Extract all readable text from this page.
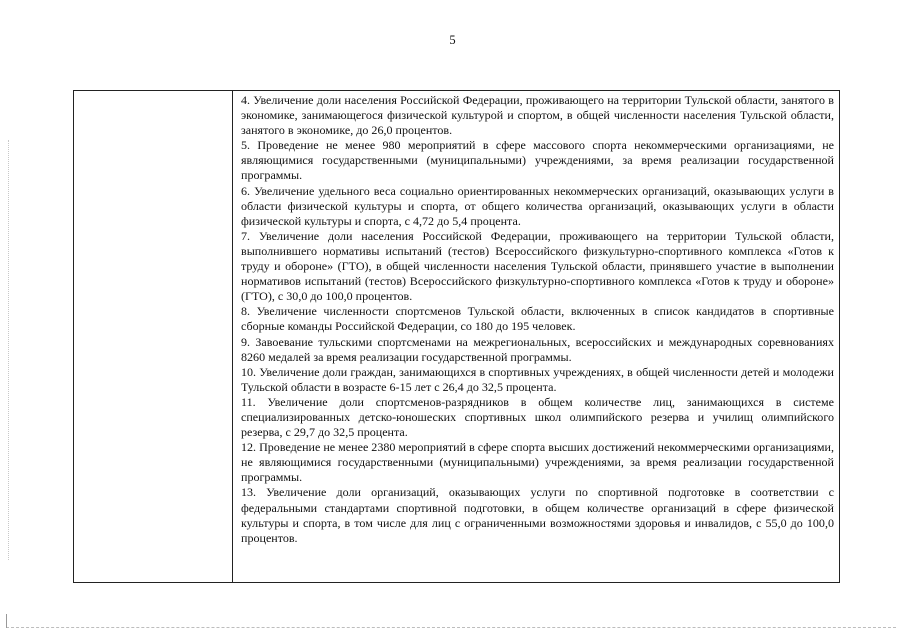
5

4. Увеличение доли населения Российской Федерации, проживающего на территории Тульской области, занятого в экономике, занимающегося физической культурой и спортом, в общей численности населения Тульской области, занятого в экономике, до 26,0 процентов.

5. Проведение не менее 980 мероприятий в сфере массового спорта некоммерческими организациями, не являющимися государственными (муниципальными) учреждениями, за время реализации государственной программы.

6. Увеличение удельного веса социально ориентированных некоммерческих организаций, оказывающих услуги в области физической культуры и спорта, от общего количества организаций, оказывающих услуги в области физической культуры и спорта, с 4,72 до 5,4 процента.

7. Увеличение доли населения Российской Федерации, проживающего на территории Тульской области, выполнившего нормативы испытаний (тестов) Всероссийского физкультурно-спортивного комплекса «Готов к труду и обороне» (ГТО), в общей численности населения Тульской области, принявшего участие в выполнении нормативов испытаний (тестов) Всероссийского физкультурно-спортивного комплекса «Готов к труду и обороне» (ГТО), с 30,0 до 100,0 процентов.

8. Увеличение численности спортсменов Тульской области, включенных в список кандидатов в спортивные сборные команды Российской Федерации, со 180 до 195 человек.

9. Завоевание тульскими спортсменами на межрегиональных, всероссийских и международных соревнованиях 8260 медалей за время реализации государственной программы.

10. Увеличение доли граждан, занимающихся в спортивных учреждениях, в общей численности детей и молодежи Тульской области в возрасте 6-15 лет с 26,4 до 32,5 процента.

11. Увеличение доли спортсменов-разрядников в общем количестве лиц, занимающихся в системе специализированных детско-юношеских спортивных школ олимпийского резерва и училищ олимпийского резерва, с 29,7 до 32,5 процента.

12. Проведение не менее 2380 мероприятий в сфере спорта высших достижений некоммерческими организациями, не являющимися государственными (муниципальными) учреждениями, за время реализации государственной программы.

13. Увеличение доли организаций, оказывающих услуги по спортивной подготовке в соответствии с федеральными стандартами спортивной подготовки, в общем количестве организаций в сфере физической культуры и спорта, в том числе для лиц с ограниченными возможностями здоровья и инвалидов, с 55,0 до 100,0 процентов.
